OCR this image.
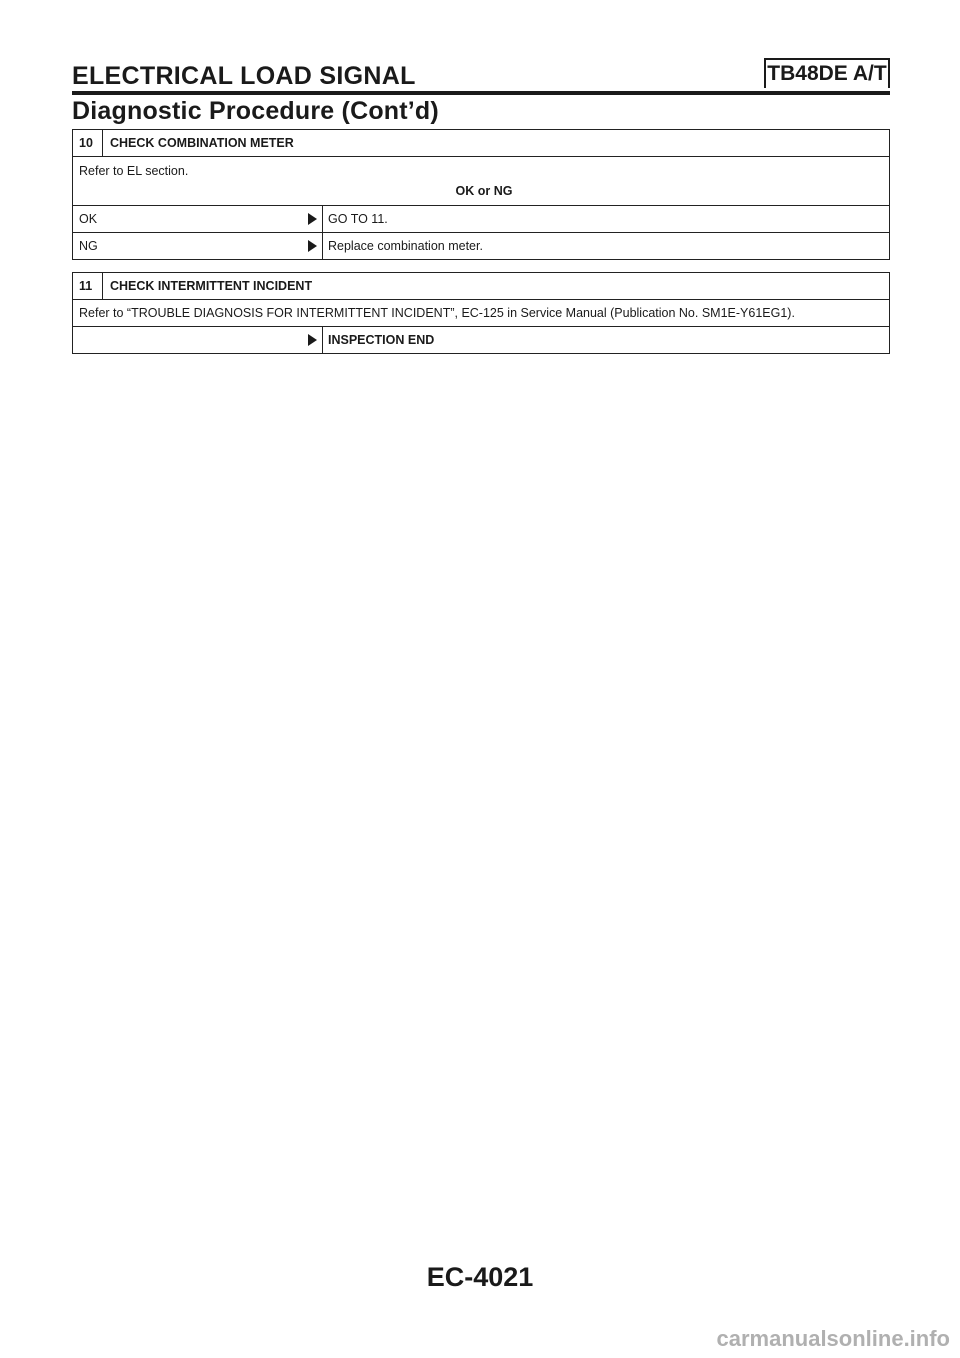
ELECTRICAL LOAD SIGNAL	TB48DE A/T
Diagnostic Procedure (Cont’d)
10	CHECK COMBINATION METER
Refer to EL section.
OK or NG
OK	GO TO 11.
NG	Replace combination meter.
11	CHECK INTERMITTENT INCIDENT
Refer to “TROUBLE DIAGNOSIS FOR INTERMITTENT INCIDENT”, EC-125 in Service Manual (Publication No. SM1E-Y61EG1).
INSPECTION END
EC-4021
carmanualsonline.info
